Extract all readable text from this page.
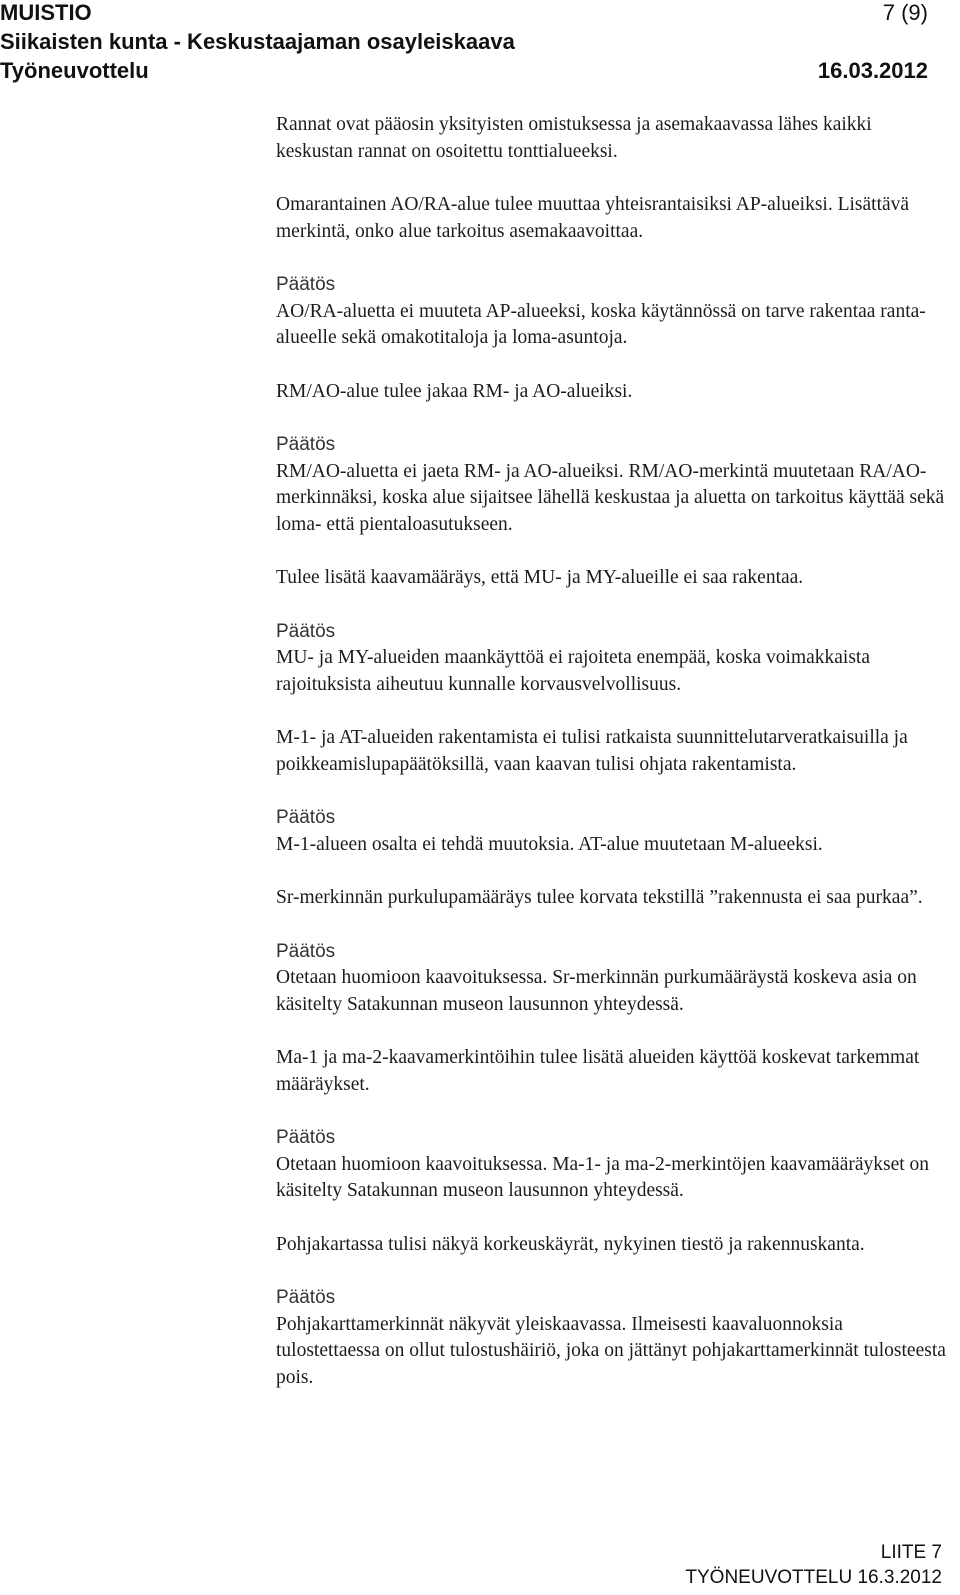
MUISTIO	7 (9)
Siikaisten kunta - Keskustaajaman osayleiskaava
Työneuvottelu	16.03.2012
Rannat ovat pääosin yksityisten omistuksessa ja asemakaavassa lähes kaikki keskustan rannat on osoitettu tonttialueeksi.
Omarantainen AO/RA-alue tulee muuttaa yhteisrantaisiksi AP-alueiksi. Lisättävä merkintä, onko alue tarkoitus asemakaavoittaa.
Päätös
AO/RA-aluetta ei muuteta AP-alueeksi, koska käytännössä on tarve rakentaa ranta-alueelle sekä omakotitaloja ja loma-asuntoja.
RM/AO-alue tulee jakaa RM- ja AO-alueiksi.
Päätös
RM/AO-aluetta ei jaeta RM- ja AO-alueiksi. RM/AO-merkintä muutetaan RA/AO-merkinnäksi, koska alue sijaitsee lähellä keskustaa ja aluetta on tarkoitus käyttää sekä loma- että pientaloasutukseen.
Tulee lisätä kaavamääräys, että MU- ja MY-alueille ei saa rakentaa.
Päätös
MU- ja MY-alueiden maankäyttöä ei rajoiteta enempää, koska voimakkaista rajoituksista aiheutuu kunnalle korvausvelvollisuus.
M-1- ja AT-alueiden rakentamista ei tulisi ratkaista suunnittelutarveratkaisuilla ja poikkeamislupapäätöksillä, vaan kaavan tulisi ohjata rakentamista.
Päätös
M-1-alueen osalta ei tehdä muutoksia. AT-alue muutetaan M-alueeksi.
Sr-merkinnän purkulupamääräys tulee korvata tekstillä ”rakennusta ei saa purkaa”.
Päätös
Otetaan huomioon kaavoituksessa. Sr-merkinnän purkumääräystä koskeva asia on käsitelty Satakunnan museon lausunnon yhteydessä.
Ma-1 ja ma-2-kaavamerkintöihin tulee lisätä alueiden käyttöä koskevat tarkemmat määräykset.
Päätös
Otetaan huomioon kaavoituksessa. Ma-1- ja ma-2-merkintöjen kaavamääräykset on käsitelty Satakunnan museon lausunnon yhteydessä.
Pohjakartassa tulisi näkyä korkeuskäyrät, nykyinen tiestö ja rakennuskanta.
Päätös
Pohjakarttamerkinnät näkyvät yleiskaavassa. Ilmeisesti kaavaluonnoksia tulostettaessa on ollut tulostushäiriö, joka on jättänyt pohjakarttamerkinnät tulosteesta pois.
LIITE 7
TYÖNEUVOTTELU 16.3.2012
